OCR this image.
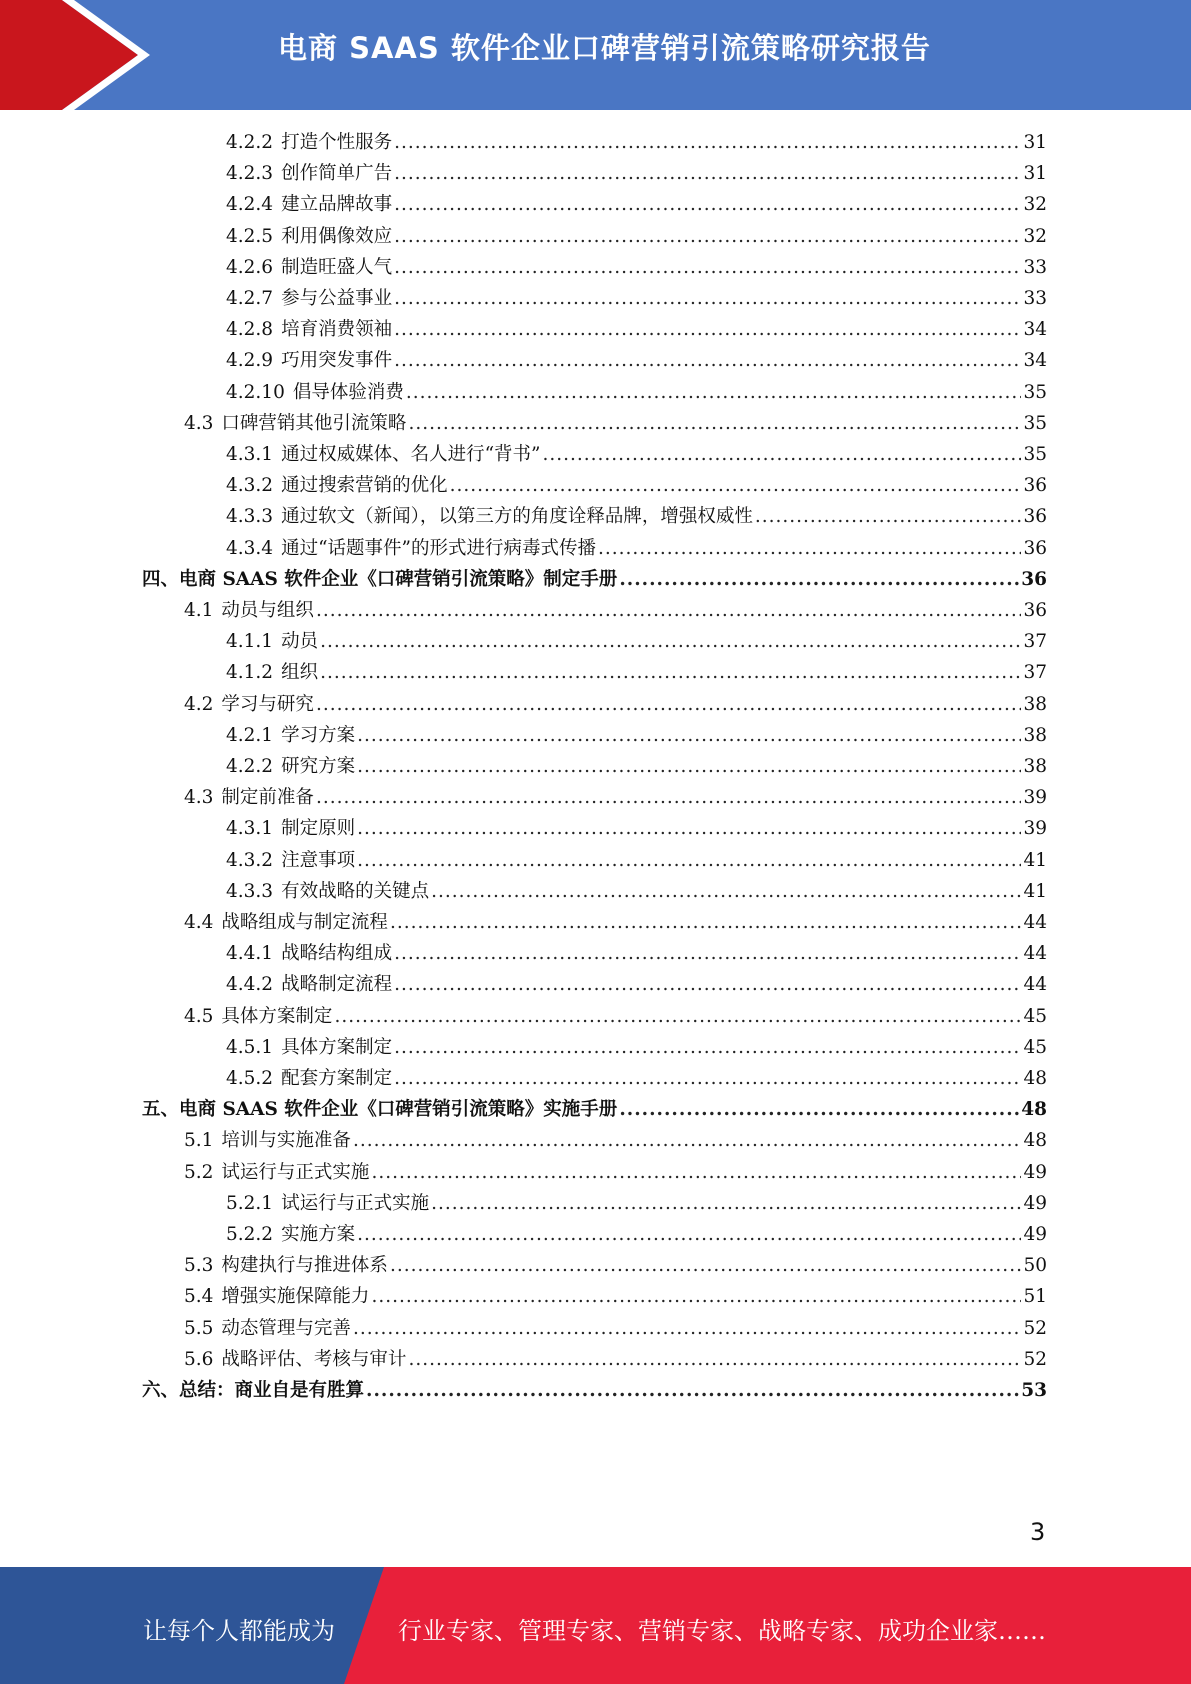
电商 SAAS 软件企业口碑营销引流策略研究报告
4.2.2 打造个性服务 .....	31
4.2.3 创作简单广告 .....	31
4.2.4 建立品牌故事 .....	32
4.2.5 利用偶像效应 .....	32
4.2.6 制造旺盛人气 .....	33
4.2.7 参与公益事业 .....	33
4.2.8 培育消费领袖 .....	34
4.2.9 巧用突发事件 .....	34
4.2.10 倡导体验消费 .....	35
4.3 口碑营销其他引流策略 .....	35
4.3.1 通过权威媒体、名人进行“背书” .....	35
4.3.2 通过搜索营销的优化 .....	36
4.3.3 通过软文（新闻），以第三方的角度诠释品牌，增强权威性 .....	36
4.3.4 通过“话题事件”的形式进行病毒式传播 .....	36
四、电商 SAAS 软件企业《口碑营销引流策略》制定手册 .....	36
4.1 动员与组织 .....	36
4.1.1 动员 .....	37
4.1.2 组织 .....	37
4.2 学习与研究 .....	38
4.2.1 学习方案 .....	38
4.2.2 研究方案 .....	38
4.3 制定前准备 .....	39
4.3.1 制定原则 .....	39
4.3.2 注意事项 .....	41
4.3.3 有效战略的关键点 .....	41
4.4 战略组成与制定流程 .....	44
4.4.1 战略结构组成 .....	44
4.4.2 战略制定流程 .....	44
4.5 具体方案制定 .....	45
4.5.1 具体方案制定 .....	45
4.5.2 配套方案制定 .....	48
五、电商 SAAS 软件企业《口碑营销引流策略》实施手册 .....	48
5.1 培训与实施准备 .....	48
5.2 试运行与正式实施 .....	49
5.2.1 试运行与正式实施 .....	49
5.2.2 实施方案 .....	49
5.3 构建执行与推进体系 .....	50
5.4 增强实施保障能力 .....	51
5.5 动态管理与完善 .....	52
5.6 战略评估、考核与审计 .....	52
六、总结：商业自是有胜算 .....	53
3
让每个人都能成为	行业专家、管理专家、营销专家、战略专家、成功企业家……
